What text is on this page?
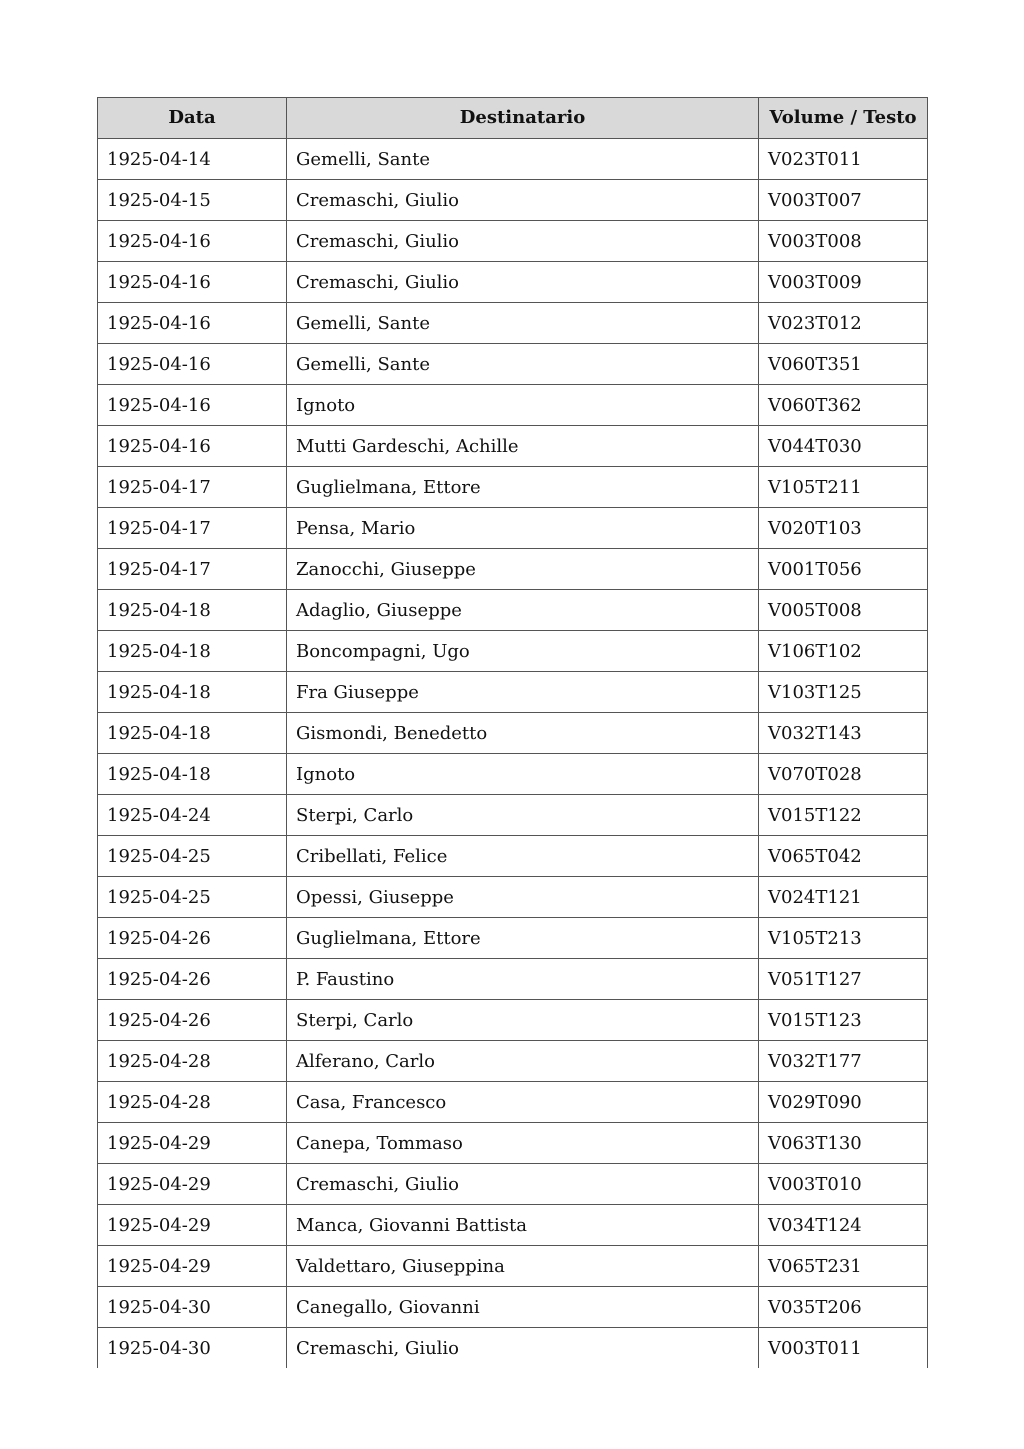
Data	Destinatario	Volume / Testo
1925-04-14	Gemelli, Sante	V023T011
1925-04-15	Cremaschi, Giulio	V003T007
1925-04-16	Cremaschi, Giulio	V003T008
1925-04-16	Cremaschi, Giulio	V003T009
1925-04-16	Gemelli, Sante	V023T012
1925-04-16	Gemelli, Sante	V060T351
1925-04-16	Ignoto	V060T362
1925-04-16	Mutti Gardeschi, Achille	V044T030
1925-04-17	Guglielmana, Ettore	V105T211
1925-04-17	Pensa, Mario	V020T103
1925-04-17	Zanocchi, Giuseppe	V001T056
1925-04-18	Adaglio, Giuseppe	V005T008
1925-04-18	Boncompagni, Ugo	V106T102
1925-04-18	Fra Giuseppe	V103T125
1925-04-18	Gismondi, Benedetto	V032T143
1925-04-18	Ignoto	V070T028
1925-04-24	Sterpi, Carlo	V015T122
1925-04-25	Cribellati, Felice	V065T042
1925-04-25	Opessi, Giuseppe	V024T121
1925-04-26	Guglielmana, Ettore	V105T213
1925-04-26	P. Faustino	V051T127
1925-04-26	Sterpi, Carlo	V015T123
1925-04-28	Alferano, Carlo	V032T177
1925-04-28	Casa, Francesco	V029T090
1925-04-29	Canepa, Tommaso	V063T130
1925-04-29	Cremaschi, Giulio	V003T010
1925-04-29	Manca, Giovanni Battista	V034T124
1925-04-29	Valdettaro, Giuseppina	V065T231
1925-04-30	Canegallo, Giovanni	V035T206
1925-04-30	Cremaschi, Giulio	V003T011
